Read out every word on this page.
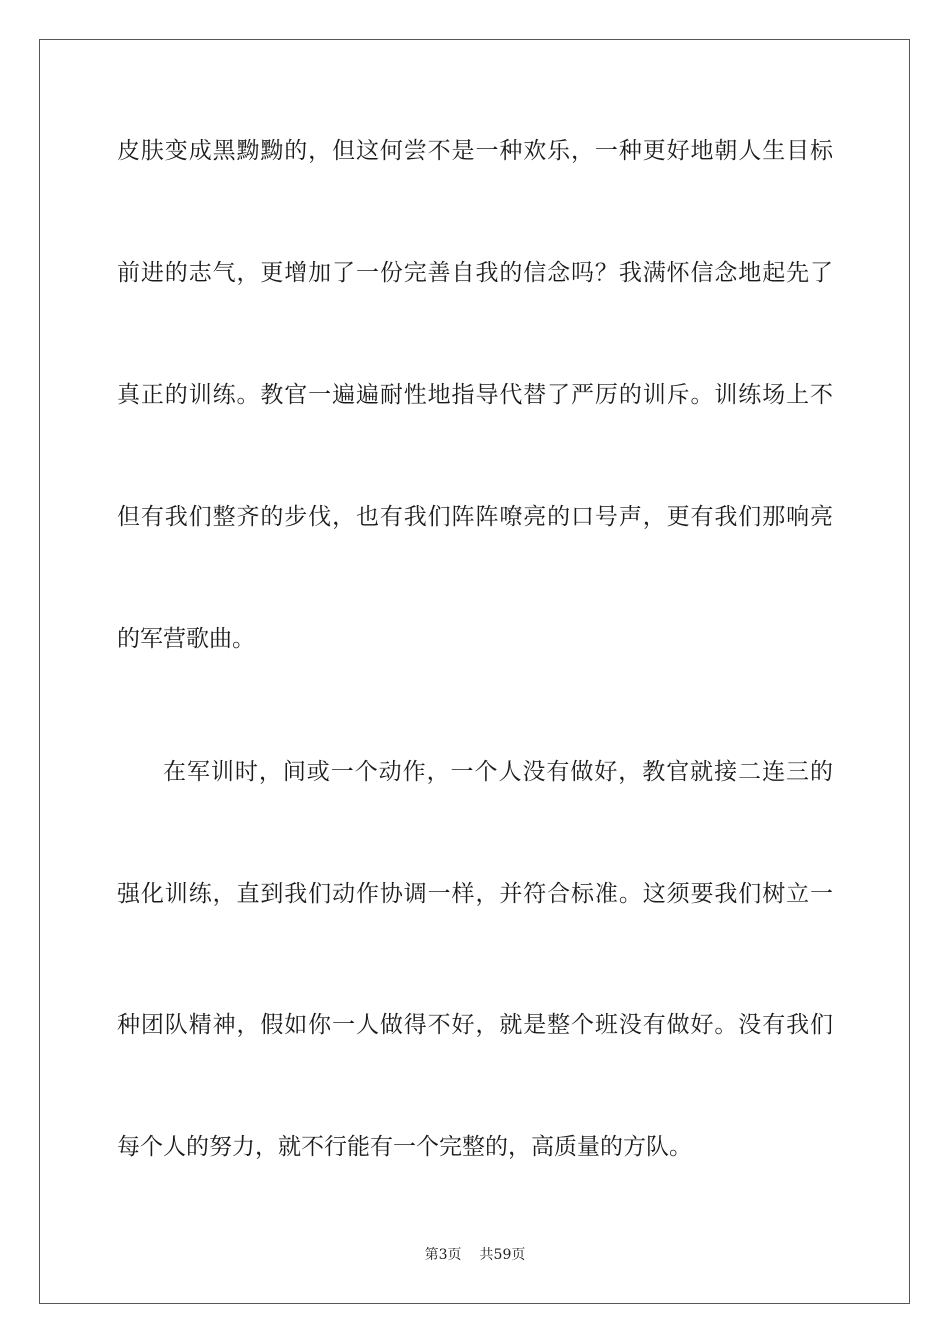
皮肤变成黑黝黝的，但这何尝不是一种欢乐，一种更好地朝人生目标
前进的志气，更增加了一份完善自我的信念吗？我满怀信念地起先了
真正的训练。教官一遍遍耐性地指导代替了严厉的训斥。训练场上不
但有我们整齐的步伐，也有我们阵阵嘹亮的口号声，更有我们那响亮
的军营歌曲。
在军训时，间或一个动作，一个人没有做好，教官就接二连三的
强化训练，直到我们动作协调一样，并符合标准。这须要我们树立一
种团队精神，假如你一人做得不好，就是整个班没有做好。没有我们
每个人的努力，就不行能有一个完整的，高质量的方队。
第3页 共59页
